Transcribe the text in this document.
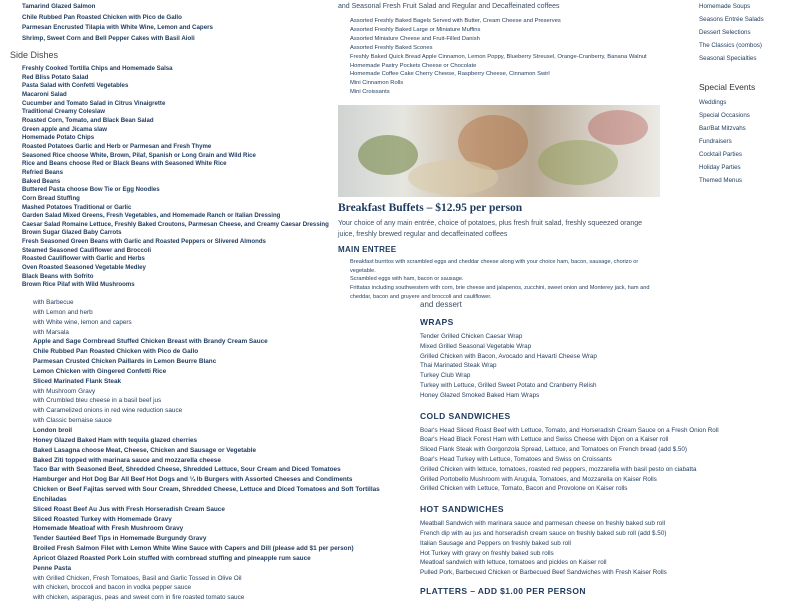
Tamarind Glazed Salmon
Chile Rubbed Pan Roasted Chicken with Pico de Gallo
Parmesan Encrusted Tilapia with White Wine, Lemon and Capers
Shrimp, Sweet Corn and Bell Pepper Cakes with Basil Aioli
Side Dishes
Freshly Cooked Tortilla Chips and Homemade Salsa
Red Bliss Potato Salad
Pasta Salad with Confetti Vegetables
Macaroni Salad
Cucumber and Tomato Salad in Citrus Vinaigrette
Traditional Creamy Coleslaw
Roasted Corn, Tomato, and Black Bean Salad
Green apple and Jicama slaw
Homemade Potato Chips
Roasted Potatoes Garlic and Herb or Parmesan and Fresh Thyme
Seasoned Rice choose White, Brown, Pilaf, Spanish or Long Grain and Wild Rice
Rice and Beans choose Red or Black Beans with Seasoned White Rice
Refried Beans
Baked Beans
Buttered Pasta choose Bow Tie or Egg Noodles
Corn Bread Stuffing
Mashed Potatoes Traditional or Garlic
Garden Salad Mixed Greens, Fresh Vegetables, and Homemade Ranch or Italian Dressing
Caesar Salad Romaine Lettuce, Freshly Baked Croutons, Parmesan Cheese, and Creamy Caesar Dressing
Brown Sugar Glazed Baby Carrots
Fresh Seasoned Green Beans with Garlic and Roasted Peppers or Slivered Almonds
Steamed Seasoned Cauliflower and Broccoli
Roasted Cauliflower with Garlic and Herbs
Oven Roasted Seasoned Vegetable Medley
Black Beans with Sofrito
Brown Rice Pilaf with Wild Mushrooms
with Barbecue
with Lemon and herb
with White wine, lemon and capers
with Marsala
Apple and Sage Cornbread Stuffed Chicken Breast with Brandy Cream Sauce
Chile Rubbed Pan Roasted Chicken with Pico de Gallo
Parmesan Crusted Chicken Paillards in Lemon Beurre Blanc
Lemon Chicken with Gingered Confetti Rice
Sliced Marinated Flank Steak
with Mushroom Gravy
with Crumbled bleu cheese in a basil beef jus
with Caramelized onions in red wine reduction sauce
with Classic bernaise sauce
London broil
Honey Glazed Baked Ham with tequila glazed cherries
Baked Lasagna choose Meat, Cheese, Chicken and Sausage or Vegetable
Baked Ziti topped with marinara sauce and mozzarella cheese
Taco Bar with Seasoned Beef, Shredded Cheese, Shredded Lettuce, Sour Cream and Diced Tomatoes
Hamburger and Hot Dog Bar All Beef Hot Dogs and ¼ lb Burgers with Assorted Cheeses and Condiments
Chicken or Beef Fajitas served with Sour Cream, Shredded Cheese, Lettuce and Diced Tomatoes and Soft Tortillas
Enchiladas
Sliced Roast Beef Au Jus with Fresh Horseradish Cream Sauce
Sliced Roasted Turkey with Homemade Gravy
Homemade Meatloaf with Fresh Mushroom Gravy
Tender Sautéed Beef Tips in Homemade Burgundy Gravy
Broiled Fresh Salmon Filet with Lemon White Wine Sauce with Capers and Dill (please add $1 per person)
Apricot Glazed Roasted Pork Loin stuffed with cornbread stuffing and pineapple rum sauce
Penne Pasta
with Grilled Chicken, Fresh Tomatoes, Basil and Garlic Tossed in Olive Oil
with chicken, broccoli and bacon in vodka pepper sauce
with chicken, asparagus, peas and sweet corn in fire roasted tomato sauce
and Seasonal Fresh Fruit Salad and Regular and Decaffeinated coffees
Assorted Freshly Baked Bagels Served with Butter, Cream Cheese and Preserves
Assorted Freshly Baked Large or Miniature Muffins
Assorted Miniature Cheese and Fruit-Filled Danish
Assorted Freshly Baked Scones
Freshly Baked Quick Bread Apple Cinnamon, Lemon Poppy, Blueberry Streusel, Orange-Cranberry, Banana Walnut
Homemade Pastry Pockets Cheese or Chocolate
Homemade Coffee Cake Cherry Cheese, Raspberry Cheese, Cinnamon Swirl
Mini Cinnamon Rolls
Mini Croissants
Breakfast Buffets – $12.95 per person
Your choice of any main entrée, choice of potatoes, plus fresh fruit salad, freshly squeezed orange juice, freshly brewed regular and decaffeinated coffees
MAIN ENTREE
Breakfast burritos with scrambled eggs and cheddar cheese along with your choice ham, bacon, sausage, chorizo or vegetable.
Scrambled eggs with ham, bacon or sausage.
Frittatas including southwestern with corn, brie cheese and jalapenos, zucchini, sweet onion and Monterey jack, ham and cheddar, bacon and gruyere and broccoli and cauliflower.
and dessert
WRAPS
Tender Grilled Chicken Caesar Wrap
Mixed Grilled Seasonal Vegetable Wrap
Grilled Chicken with Bacon, Avocado and Havarti Cheese Wrap
Thai Marinated Steak Wrap
Turkey Club Wrap
Turkey with Lettuce, Grilled Sweet Potato and Cranberry Relish
Honey Glazed Smoked Baked Ham Wraps
COLD SANDWICHES
Boar's Head Sliced Roast Beef with Lettuce, Tomato, and Horseradish Cream Sauce on a Fresh Onion Roll
Boar's Head Black Forest Ham with Lettuce and Swiss Cheese with Dijon on a Kaiser roll
Sliced Flank Steak with Gorgonzola Spread, Lettuce, and Tomatoes on French bread (add $.50)
Boar's Head Turkey with Lettuce, Tomatoes and Swiss on Croissants
Grilled Chicken with lettuce, tomatoes, roasted red peppers, mozzarella with basil pesto on ciabatta
Grilled Portobello Mushroom with Arugula, Tomatoes, and Mozzarella on Kaiser Rolls
Grilled Chicken with Lettuce, Tomato, Bacon and Provolone on Kaiser rolls
HOT SANDWICHES
Meatball Sandwich with marinara sauce and parmesan cheese on freshly baked sub roll
French dip with au jus and horseradish cream sauce on freshly baked sub roll (add $.50)
Italian Sausage and Peppers on freshly baked sub roll
Hot Turkey with gravy on freshly baked sub rolls
Meatloaf sandwich with lettuce, tomatoes and pickles on Kaiser roll
Pulled Pork, Barbecued Chicken or Barbecued Beef Sandwiches with Fresh Kaiser Rolls
PLATTERS – ADD $1.00 PER PERSON
Homemade Soups
Seasons Entrée Salads
Dessert Selections
The Classics (combos)
Seasonal Specialties
Special Events
Weddings
Special Occasions
Bar/Bat Mitzvahs
Fundraisers
Cocktail Parties
Holiday Parties
Themed Menus
